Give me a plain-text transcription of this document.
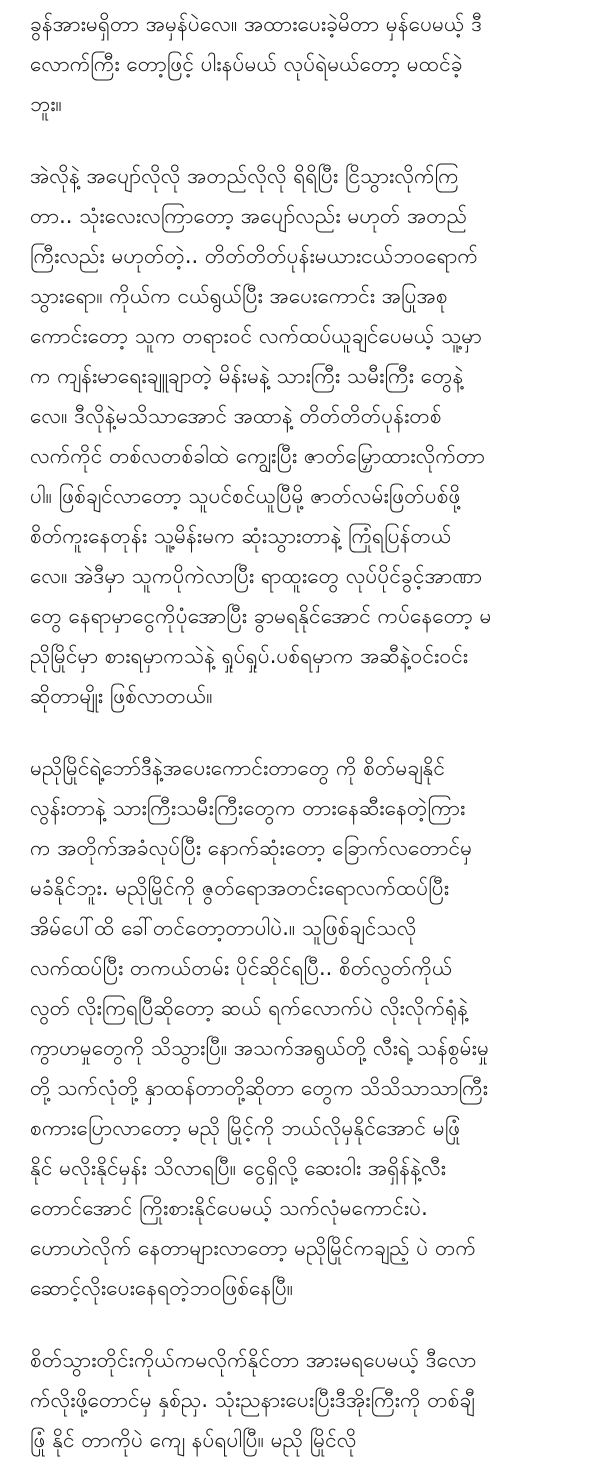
ခွန်အားမရှိတာ အမှန်ပဲလေ။ အထားပေးခဲ့မိတာ မှန်ပေမယ့် ဒီ
လောက်ကြီး တော့ဖြင့် ပါးနပ်မယ် လုပ်ရဲမယ်တော့ မထင်ခဲ့
ဘူး။
အဲလိုနဲ့ အပျော်လိုလို အတည်လိုလို ရိရိပြီး ငြိသွားလိုက်ကြ
တာ.. သုံးလေးလကြာတော့ အပျော်လည်း မဟုတ် အတည်
ကြီးလည်း မဟုတ်တဲ့.. တိတ်တိတ်ပုန်းမယားငယ်ဘဝရောက်
သွားရော။ ကိုယ်က ငယ်ရွယ်ပြီး အပေးကောင်း အပြုအစု
ကောင်းတော့ သူက တရားဝင် လက်ထပ်ယူချင်ပေမယ့် သူ့မှာ
က ကျန်းမာရေးချူချာတဲ့ မိန်းမနဲ့ သားကြီး သမီးကြီး တွေနဲ့
လေ။ ဒီလိုနဲ့မသိသာအောင် အထာနဲ့ တိတ်တိတ်ပုန်းတစ်
လက်ကိုင် တစ်လတစ်ခါထဲ ကျွေးပြီး ဇာတ်မြှောထားလိုက်တာ
ပါ။ ဖြစ်ချင်လာတော့ သူပင်စင်ယူပြီမို့ ဇာတ်လမ်းဖြတ်ပစ်ဖို့
စိတ်ကူးနေတုန်း သူ့မိန်းမက ဆုံးသွားတာနဲ့ ကြုံရပြန်တယ်
လေ။ အဲဒီမှာ သူကပိုကဲလာပြီး ရာထူးတွေ လုပ်ပိုင်ခွင့်အာဏာ
တွေ နေရာမှာငွေကိုပုံအောပြီး ခွာမရနိုင်အောင် ကပ်နေတော့ မ
ညိုမြိုင်မှာ စားရမှာကသဲနဲ့ ရှုပ်ရှုပ်.ပစ်ရမှာက အဆီနဲ့ဝင်းဝင်း
ဆိုတာမျိုး ဖြစ်လာတယ်။
မညိုမြိုင်ရဲ့ဘော်ဒီနဲ့အပေးကောင်းတာတွေ ကို စိတ်မချနိုင်
လွန်းတာနဲ့ သားကြီးသမီးကြီးတွေက တားနေဆီးနေတဲ့ကြား
က အတိုက်အခံလုပ်ပြီး နောက်ဆုံးတော့ ခြောက်လတောင်မှ
မခံနိုင်ဘူး. မညိုမြိုင်ကို ဇွတ်ရောအတင်းရောလက်ထပ်ပြီး
အိမ်ပေါ်ထိ ခေါ်တင်တော့တာပါပဲ.။ သူဖြစ်ချင်သလို
လက်ထပ်ပြီး တကယ်တမ်း ပိုင်ဆိုင်ရပြီ.. စိတ်လွတ်ကိုယ်
လွတ် လိုးကြရပြီဆိုတော့ ဆယ် ရက်လောက်ပဲ လိုးလိုက်ရုံနဲ့
ကွာဟမှုတွေကို သိသွားပြီ။ အသက်အရွယ်တို့ လီးရဲ့ သန်စွမ်းမှု
တို့ သက်လုံတို့ နှာထန်တာတို့ဆိုတာ တွေက သိသိသာသာကြီး
စကားပြောလာတော့ မညို မြိုင့်ကို ဘယ်လိုမှနိုင်အောင် မဖြုံ
နိုင် မလိုးနိုင်မှန်း သိလာရပြီ။ ငွေရှိလို့ ဆေးဝါး အရှိန်နဲ့လီး
တောင်အောင် ကြိုးစားနိုင်ပေမယ့် သက်လုံမကောင်းပဲ.
ဟောဟဲလိုက် နေတာများလာတော့ မညိုမြိုင်ကချည့် ပဲ တက်
ဆောင့်လိုးပေးနေရတဲ့ဘဝဖြစ်နေပြီ။
စိတ်သွားတိုင်းကိုယ်ကမလိုက်နိုင်တာ အားမရပေမယ့် ဒီလော
က်လိုးဖို့တောင်မှ နှစ်ညှ. သုံးညနားပေးပြီးဒီအိုးကြီးကို တစ်ချီ
ဖြုံ နိုင် တာကိုပဲ ကျေ နပ်ရပါပြီ။ မညို မြိုင်လို
